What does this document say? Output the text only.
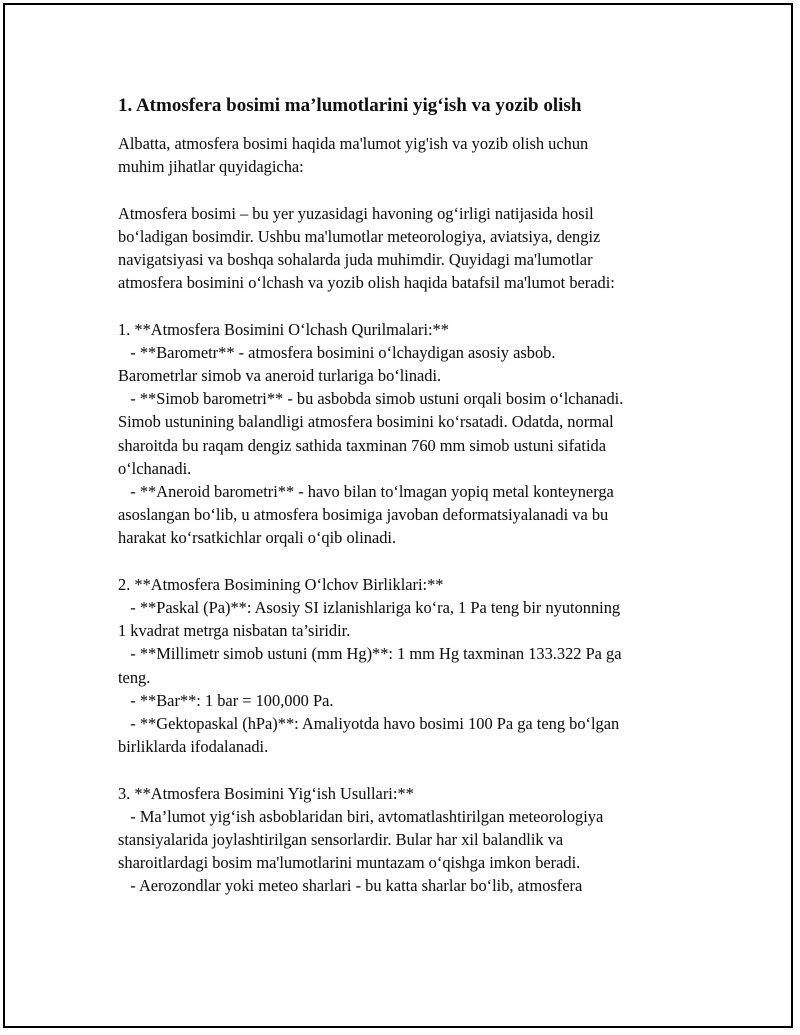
1. Atmosfera bosimi ma’lumotlarini yig‘ish va yozib olish

Albatta, atmosfera bosimi haqida ma'lumot yig'ish va yozib olish uchun
muhim jihatlar quyidagicha:

Atmosfera bosimi – bu yer yuzasidagi havoning og‘irligi natijasida hosil
bo‘ladigan bosimdir. Ushbu ma'lumotlar meteorologiya, aviatsiya, dengiz
navigatsiyasi va boshqa sohalarda juda muhimdir. Quyidagi ma'lumotlar
atmosfera bosimini o‘lchash va yozib olish haqida batafsil ma'lumot beradi:

1. **Atmosfera Bosimini O‘lchash Qurilmalari:**
- **Barometr** - atmosfera bosimini o‘lchaydigan asosiy asbob.
Barometrlar simob va aneroid turlariga bo‘linadi.
- **Simob barometri** - bu asbobda simob ustuni orqali bosim o‘lchanadi.
Simob ustunining balandligi atmosfera bosimini ko‘rsatadi. Odatda, normal
sharoitda bu raqam dengiz sathida taxminan 760 mm simob ustuni sifatida
o‘lchanadi.
- **Aneroid barometri** - havo bilan to‘lmagan yopiq metal konteynerga
asoslangan bo‘lib, u atmosfera bosimiga javoban deformatsiyalanadi va bu
harakat ko‘rsatkichlar orqali o‘qib olinadi.

2. **Atmosfera Bosimining O‘lchov Birliklari:**
- **Paskal (Pa)**: Asosiy SI izlanishlariga ko‘ra, 1 Pa teng bir nyutonning
1 kvadrat metrga nisbatan ta’siridir.
- **Millimetr simob ustuni (mm Hg)**: 1 mm Hg taxminan 133.322 Pa ga
teng.
- **Bar**: 1 bar = 100,000 Pa.
- **Gektopaskal (hPa)**: Amaliyotda havo bosimi 100 Pa ga teng bo‘lgan
birliklarda ifodalanadi.

3. **Atmosfera Bosimini Yig‘ish Usullari:**
- Ma’lumot yig‘ish asboblaridan biri, avtomatlashtirilgan meteorologiya
stansiyalarida joylashtirilgan sensorlardir. Bular har xil balandlik va
sharoitlardagi bosim ma'lumotlarini muntazam o‘qishga imkon beradi.
- Aerozondlar yoki meteo sharlari - bu katta sharlar bo‘lib, atmosfera
